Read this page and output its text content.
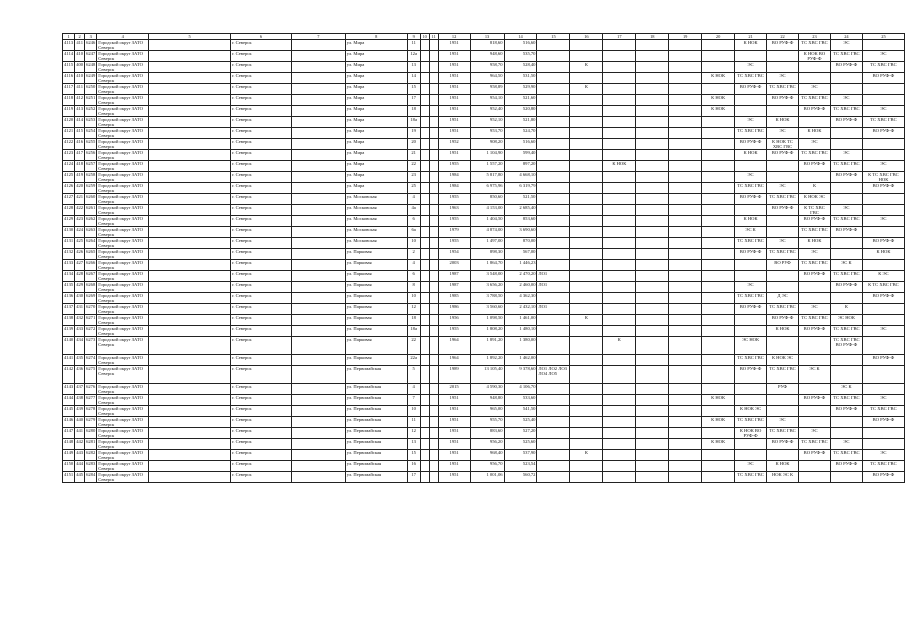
1	2	3	4	5	6	7	8	9	10	11	12	13	14	15	16	17	18	19	20	21	22	23	24	25
4113	411	6246	Городской округ ЗАТО Северск		г. Северск		ул. Мира	11			1951	818,60	516,60							К НОК	ВО РУФ-Ф	ТС ХВС ГВС	ЭС	
4114	410	6247	Городской округ ЗАТО Северск		г. Северск		ул. Мира	12а			1951	948,60	535,70									К НОК ВО РУФ-Ф	ТС ХВС ГВС	ЭС
4115	400	6248	Городской округ ЗАТО Северск		г. Северск		ул. Мира	13			1951	958,70	528,40		К					ЭС			ВО РУФ-Ф	ТС ХВС ГВС
4116	410	6249	Городской округ ЗАТО Северск		г. Северск		ул. Мира	14			1951	964,50	531,50						К НОК	ТС ХВС ГВС	ЭС			ВО РУФ-Ф
4117	411	6250	Городской округ ЗАТО Северск		г. Северск		ул. Мира	15			1951	958,89	529,90		К					ВО РУФ-Ф	ТС ХВС ГВС	ЭС		
4118	412	6251	Городской округ ЗАТО Северск		г. Северск		ул. Мира	17			1951	954,10	521,60						К НОК		ВО РУФ-Ф	ТС ХВС ГВС	ЭС	
4119	413	6252	Городской округ ЗАТО Северск		г. Северск		ул. Мира	18			1951	952,40	520,80						К НОК			ВО РУФ-Ф	ТС ХВС ГВС	ЭС
4120	414	6253	Городской округ ЗАТО Северск		г. Северск		ул. Мира	18а			1951	952,10	521,80							ЭС	К НОК		ВО РУФ-Ф	ТС ХВС ГВС
4121	415	6254	Городской округ ЗАТО Северск		г. Северск		ул. Мира	19			1951	953,70	524,70							ТС ХВС ГВС	ЭС	К НОК		ВО РУФ-Ф
4122	416	6255	Городской округ ЗАТО Северск		г. Северск		ул. Мира	20			1952	908,20	516,60							ВО РУФ-Ф	К НОК ТС ХВС ГВС	ЭС		
4123	417	6256	Городской округ ЗАТО Северск		г. Северск		ул. Мира	21			1951	1 104,90	599,40							К НОК	ВО РУФ-Ф	ТС ХВС ГВС	ЭС	
4124	418	6257	Городской округ ЗАТО Северск		г. Северск		ул. Мира	22			1955	1 557,20	897,20			К НОК						ВО РУФ-Ф	ТС ХВС ГВС	ЭС
4125	419	6258	Городской округ ЗАТО Северск		г. Северск		ул. Мира	23			1984	5 817,80	4 668,10							ЭС			ВО РУФ-Ф	К ТС ХВС ГВС НОК
4126	420	6259	Городской округ ЗАТО Северск		г. Северск		ул. Мира	25			1984	6 975,96	6 319,79							ТС ХВС ГВС	ЭС	К		ВО РУФ-Ф
4127	421	6260	Городской округ ЗАТО Северск		г. Северск		ул. Московская	4			1955	850,60	521,50							ВО РУФ-Ф	ТС ХВС ГВС	К НОК ЭС		
4128	422	6261	Городской округ ЗАТО Северск		г. Северск		ул. Московская	4а			1963	4 153,00	2 685,40								ВО РУФ-Ф	К ТС ХВС ГВС	ЭС	
4129	423	6262	Городской округ ЗАТО Северск		г. Северск		ул. Московская	6			1955	1 404,50	853,60							К НОК		ВО РУФ-Ф	ТС ХВС ГВС	ЭС
4130	424	6263	Городской округ ЗАТО Северск		г. Северск		ул. Московская	6а			1979	4 874,00	3 690,60							ЭС К		ТС ХВС ГВС	ВО РУФ-Ф	
4131	425	6264	Городской округ ЗАТО Северск		г. Северск		ул. Московская	10			1955	1 497,00	870,00							ТС ХВС ГВС	ЭС	К НОК		ВО РУФ-Ф
4132	426	6265	Городской округ ЗАТО Северск		г. Северск		ул. Парковая	2			1954	898,30	567,00							ВО РУФ-Ф	ТС ХВС ГВС	ЭС		К НОК
4133	427	6266	Городской округ ЗАТО Северск		г. Северск		ул. Парковая	4			2003	1 864,70	1 446,23								ВО РУФ	ТС ХВС ГВС	ЭС К	
4134	428	6267	Городской округ ЗАТО Северск		г. Северск		ул. Парковая	6			1987	3 548,00	2 470,20	ЛО1								ВО РУФ-Ф	ТС ХВС ГВС	К ЭС
4135	429	6268	Городской округ ЗАТО Северск		г. Северск		ул. Парковая	8			1987	3 656,20	2 460,00	ЛО1						ЭС			ВО РУФ-Ф	К ТС ХВС ГВС
4136	430	6269	Городской округ ЗАТО Северск		г. Северск		ул. Парковая	10			1985	3 788,50	4 362,30							ТС ХВС ГВС	Д ЭС			ВО РУФ-Ф
4137	431	6270	Городской округ ЗАТО Северск		г. Северск		ул. Парковая	12			1986	3 560,60	2 432,10	ЛО1						ВО РУФ-Ф	ТС ХВС ГВС	ЭС	К	
4138	432	6271	Городской округ ЗАТО Северск		г. Северск		ул. Парковая	18			1956	1 098,50	1 461,00		К						ВО РУФ-Ф	ТС ХВС ГВС	ЭС НОК	
4139	433	6272	Городской округ ЗАТО Северск		г. Северск		ул. Парковая	18а			1955	1 808,20	1 480,10								К НОК	ВО РУФ-Ф	ТС ХВС ГВС	ЭС
4140	434	6273	Городской округ ЗАТО Северск		г. Северск		ул. Парковая	22			1964	1 891,20	1 380,00			К				ЭС НОК			ТС ХВС ГВС ВО РУФ-Ф	
4141	435	6274	Городской округ ЗАТО Северск		г. Северск		ул. Парковая	22а			1964	1 892,20	1 462,00							ТС ХВС ГВС	К НОК ЭС			ВО РУФ-Ф
4142	436	6275	Городской округ ЗАТО Северск		г. Северск		ул. Первомайская	5			1989	13 105,40	9 378,60	ЛО1 ЛО2 ЛО3 ЛО4 ЛО5						ВО РУФ-Ф	ТС ХВС ГВС	ЭС К		
4143	437	6276	Городской округ ЗАТО Северск		г. Северск		ул. Первомайская	4			2015	4 590,30	4 106,70								РУФ		ЭС К	
4144	438	6277	Городской округ ЗАТО Северск		г. Северск		ул. Первомайская	7			1951	948,80	533,60						К НОК			ВО РУФ-Ф	ТС ХВС ГВС	ЭС
4145	439	6278	Городской округ ЗАТО Северск		г. Северск		ул. Первомайская	10			1951	965,00	541,50							К НОК ЭС			ВО РУФ-Ф	ТС ХВС ГВС
4146	440	6279	Городской округ ЗАТО Северск		г. Северск		ул. Первомайская	11			1951	955,70	525,40						К НОК	ТС ХВС ГВС	ЭС			ВО РУФ-Ф
4147	441	6280	Городской округ ЗАТО Северск		г. Северск		ул. Первомайская	12			1951	883,60	527,20							К НОК ВО РУФ-Ф	ТС ХВС ГВС	ЭС		
4148	442	6281	Городской округ ЗАТО Северск		г. Северск		ул. Первомайская	13			1951	956,20	525,60						К НОК		ВО РУФ-Ф	ТС ХВС ГВС	ЭС	
4149	443	6282	Городской округ ЗАТО Северск		г. Северск		ул. Первомайская	15			1951	968,40	537,90		К							ВО РУФ-Ф	ТС ХВС ГВС	ЭС
4150	444	6283	Городской округ ЗАТО Северск		г. Северск		ул. Первомайская	16			1951	956,70	523,54							ЭС	К НОК		ВО РУФ-Ф	ТС ХВС ГВС
4151	445	6284	Городской округ ЗАТО Северск		г. Северск		ул. Первомайская	17			1951	1 001,06	560,72							ТС ХВС ГВС	НОК ЭС К			ВО РУФ-Ф
